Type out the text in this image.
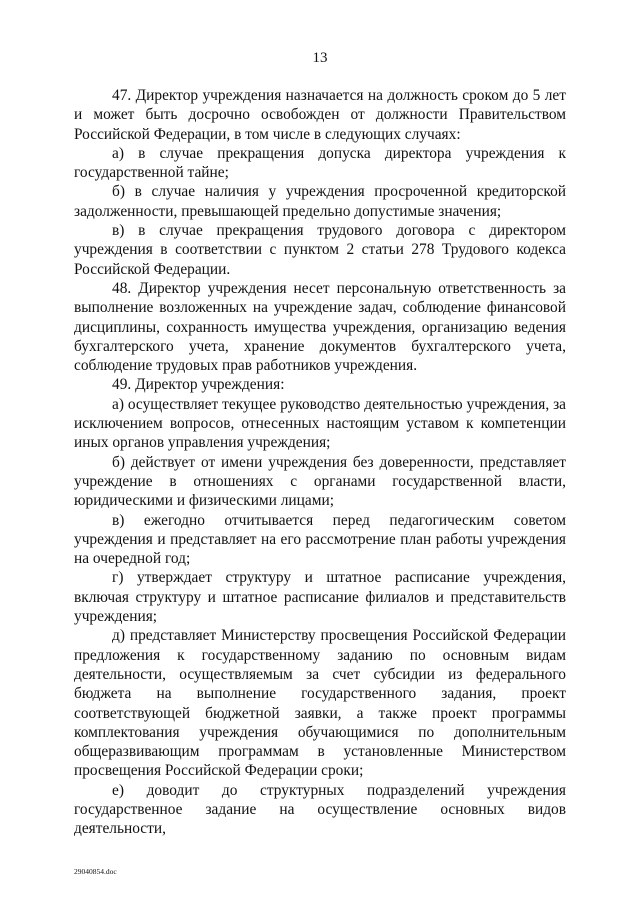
13

47. Директор учреждения назначается на должность сроком до 5 лет и может быть досрочно освобожден от должности Правительством Российской Федерации, в том числе в следующих случаях:

а) в случае прекращения допуска директора учреждения к государственной тайне;

б) в случае наличия у учреждения просроченной кредиторской задолженности, превышающей предельно допустимые значения;

в) в случае прекращения трудового договора с директором учреждения в соответствии с пунктом 2 статьи 278 Трудового кодекса Российской Федерации.

48. Директор учреждения несет персональную ответственность за выполнение возложенных на учреждение задач, соблюдение финансовой дисциплины, сохранность имущества учреждения, организацию ведения бухгалтерского учета, хранение документов бухгалтерского учета, соблюдение трудовых прав работников учреждения.

49. Директор учреждения:

а) осуществляет текущее руководство деятельностью учреждения, за исключением вопросов, отнесенных настоящим уставом к компетенции иных органов управления учреждения;

б) действует от имени учреждения без доверенности, представляет учреждение в отношениях с органами государственной власти, юридическими и физическими лицами;

в) ежегодно отчитывается перед педагогическим советом учреждения и представляет на его рассмотрение план работы учреждения на очередной год;

г) утверждает структуру и штатное расписание учреждения, включая структуру и штатное расписание филиалов и представительств учреждения;

д) представляет Министерству просвещения Российской Федерации предложения к государственному заданию по основным видам деятельности, осуществляемым за счет субсидии из федерального бюджета на выполнение государственного задания, проект соответствующей бюджетной заявки, а также проект программы комплектования учреждения обучающимися по дополнительным общеразвивающим программам в установленные Министерством просвещения Российской Федерации сроки;

е) доводит до структурных подразделений учреждения государственное задание на осуществление основных видов деятельности,

29040854.doc
